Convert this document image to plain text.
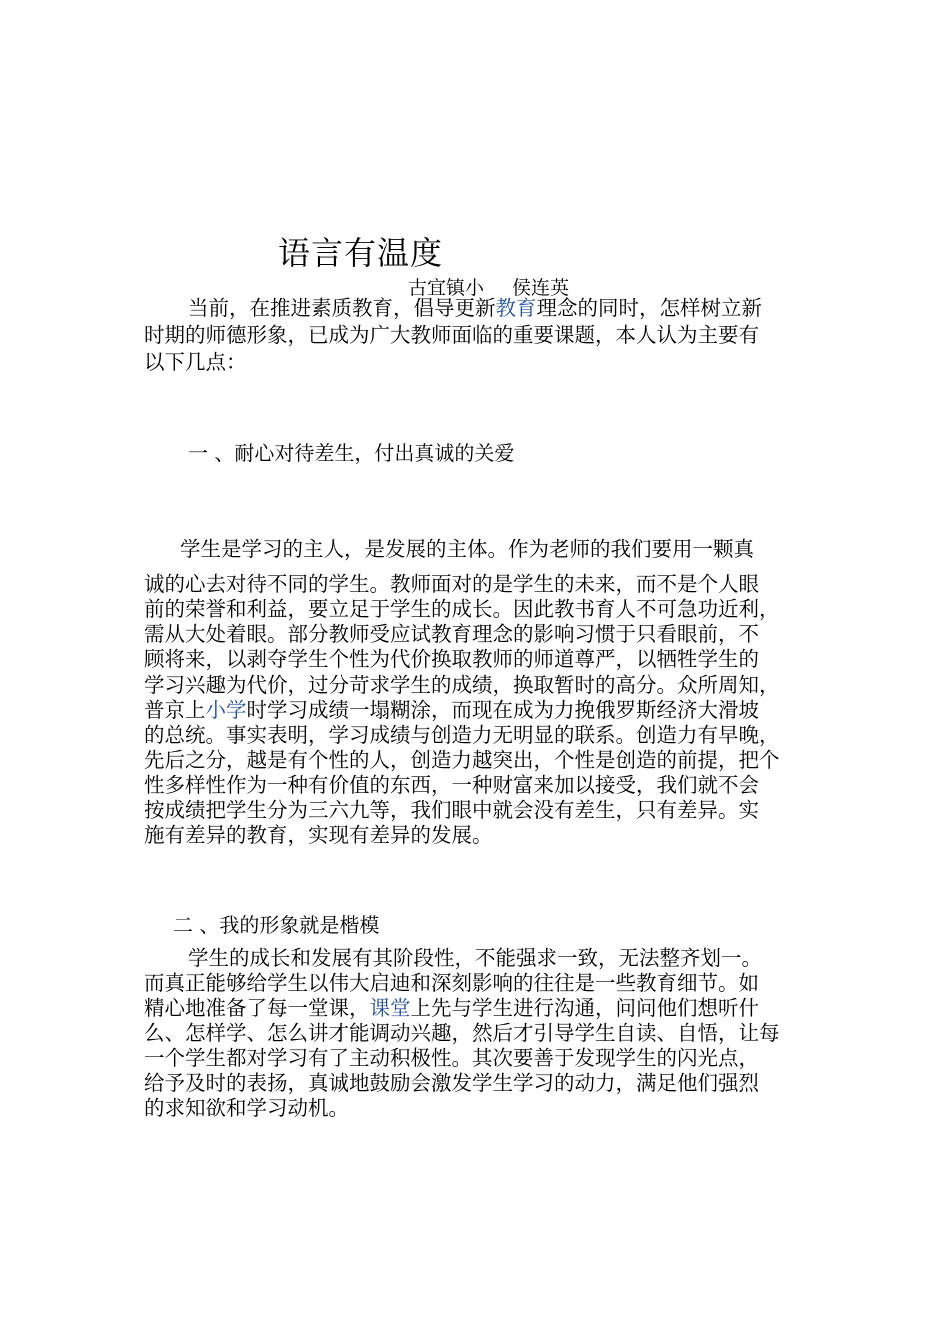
语言有温度
古宜镇小 侯连英
当前，在推进素质教育，倡导更新教育理念的同时，怎样树立新
时期的师德形象，已成为广大教师面临的重要课题，本人认为主要有
以下几点：
一 、耐心对待差生，付出真诚的关爱
学生是学习的主人，是发展的主体。作为老师的我们要用一颗真
诚的心去对待不同的学生。教师面对的是学生的未来，而不是个人眼
前的荣誉和利益，要立足于学生的成长。因此教书育人不可急功近利，
需从大处着眼。部分教师受应试教育理念的影响习惯于只看眼前，不
顾将来，以剥夺学生个性为代价换取教师的师道尊严，以牺牲学生的
学习兴趣为代价，过分苛求学生的成绩，换取暂时的高分。众所周知，
普京上小学时学习成绩一塌糊涂，而现在成为力挽俄罗斯经济大滑坡
的总统。事实表明，学习成绩与创造力无明显的联系。创造力有早晚，
先后之分，越是有个性的人，创造力越突出，个性是创造的前提，把个
性多样性作为一种有价值的东西，一种财富来加以接受，我们就不会
按成绩把学生分为三六九等，我们眼中就会没有差生，只有差异。实
施有差异的教育，实现有差异的发展。
二 、我的形象就是楷模
学生的成长和发展有其阶段性，不能强求一致，无法整齐划一。
而真正能够给学生以伟大启迪和深刻影响的往往是一些教育细节。如
精心地准备了每一堂课，课堂上先与学生进行沟通，问问他们想听什
么、怎样学、怎么讲才能调动兴趣，然后才引导学生自读、自悟，让每
一个学生都对学习有了主动积极性。其次要善于发现学生的闪光点，
给予及时的表扬，真诚地鼓励会激发学生学习的动力，满足他们强烈
的求知欲和学习动机。
